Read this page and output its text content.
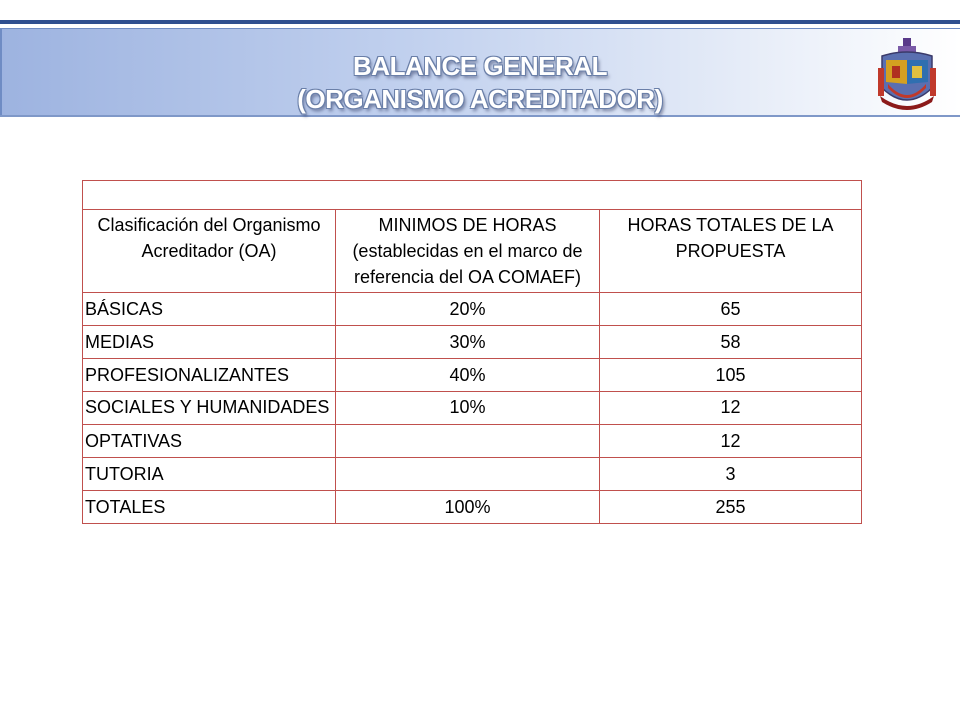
BALANCE GENERAL
(ORGANISMO ACREDITADOR)

Clasificación del Organismo Acreditador (OA)	MINIMOS DE HORAS (establecidas en el marco de referencia del OA COMAEF)	HORAS TOTALES DE LA PROPUESTA
BÁSICAS	20%	65
MEDIAS	30%	58
PROFESIONALIZANTES	40%	105
SOCIALES Y HUMANIDADES	10%	12
OPTATIVAS		12
TUTORIA		3
TOTALES	100%	255
